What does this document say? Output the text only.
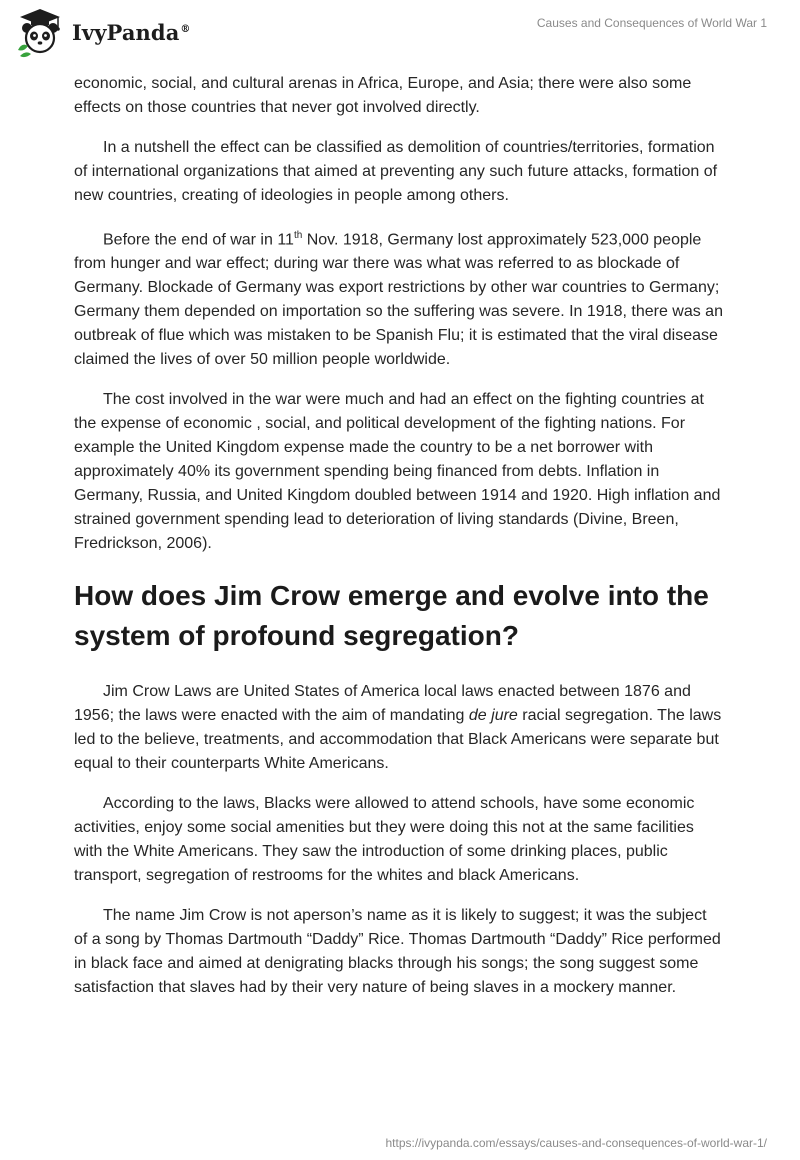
IvyPanda®	Causes and Consequences of World War 1

economic, social, and cultural arenas in Africa, Europe, and Asia; there were also some effects on those countries that never got involved directly.

In a nutshell the effect can be classified as demolition of countries/territories, formation of international organizations that aimed at preventing any such future attacks, formation of new countries, creating of ideologies in people among others.

Before the end of war in 11th Nov. 1918, Germany lost approximately 523,000 people from hunger and war effect; during war there was what was referred to as blockade of Germany. Blockade of Germany was export restrictions by other war countries to Germany; Germany them depended on importation so the suffering was severe. In 1918, there was an outbreak of flue which was mistaken to be Spanish Flu; it is estimated that the viral disease claimed the lives of over 50 million people worldwide.

The cost involved in the war were much and had an effect on the fighting countries at the expense of economic , social, and political development of the fighting nations. For example the United Kingdom expense made the country to be a net borrower with approximately 40% its government spending being financed from debts. Inflation in Germany, Russia, and United Kingdom doubled between 1914 and 1920. High inflation and strained government spending lead to deterioration of living standards (Divine, Breen, Fredrickson, 2006).

How does Jim Crow emerge and evolve into the system of profound segregation?

Jim Crow Laws are United States of America local laws enacted between 1876 and 1956; the laws were enacted with the aim of mandating de jure racial segregation. The laws led to the believe, treatments, and accommodation that Black Americans were separate but equal to their counterparts White Americans.

According to the laws, Blacks were allowed to attend schools, have some economic activities, enjoy some social amenities but they were doing this not at the same facilities with the White Americans. They saw the introduction of some drinking places, public transport, segregation of restrooms for the whites and black Americans.

The name Jim Crow is not aperson’s name as it is likely to suggest; it was the subject of a song by Thomas Dartmouth “Daddy” Rice. Thomas Dartmouth “Daddy” Rice performed in black face and aimed at denigrating blacks through his songs; the song suggest some satisfaction that slaves had by their very nature of being slaves in a mockery manner.

https://ivypanda.com/essays/causes-and-consequences-of-world-war-1/
